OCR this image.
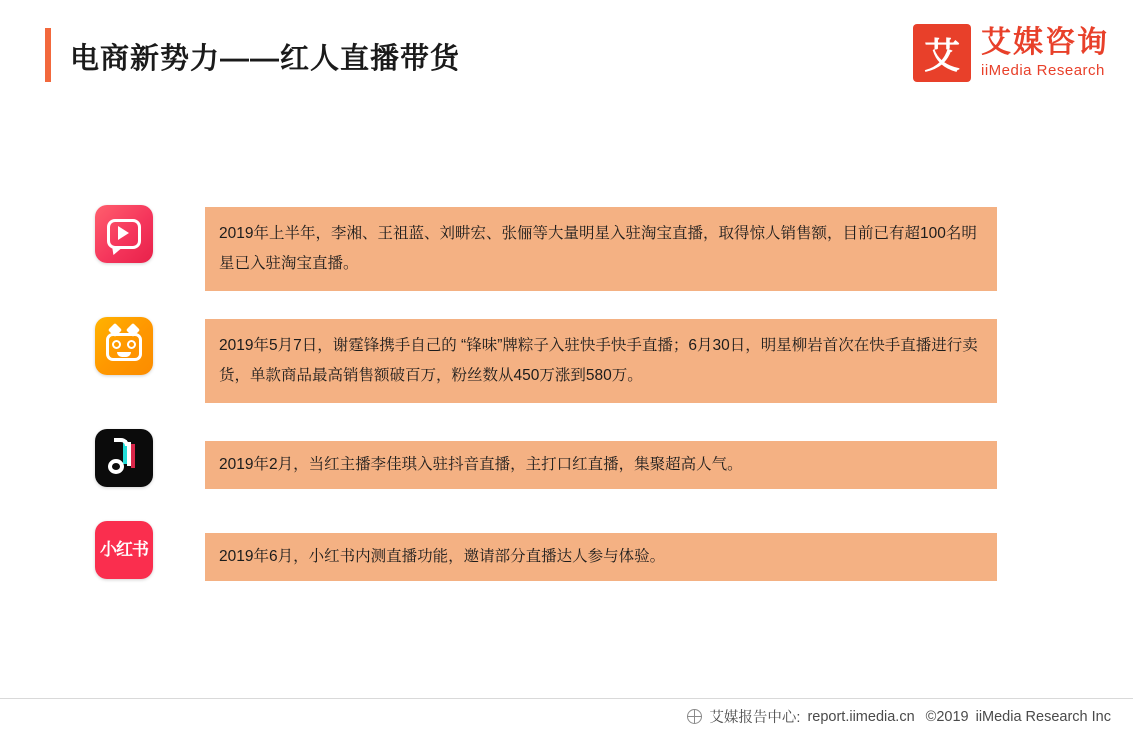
电商新势力——红人直播带货	艾 艾媒咨询
iiMedia Research
2019年上半年，李湘、王祖蓝、刘畊宏、张俪等大量明星入驻淘宝直播，取得惊人销售额，目前已有超100名明星已入驻淘宝直播。
2019年5月7日，谢霆锋携手自己的 “锋味”牌粽子入驻快手快手直播；6月30日，明星柳岩首次在快手直播进行卖货，单款商品最高销售额破百万，粉丝数从450万涨到580万。
2019年2月，当红主播李佳琪入驻抖音直播，主打口红直播，集聚超高人气。
小红书	2019年6月，小红书内测直播功能，邀请部分直播达人参与体验。
艾媒报告中心: report.iimedia.cn ©2019 iiMedia Research Inc
